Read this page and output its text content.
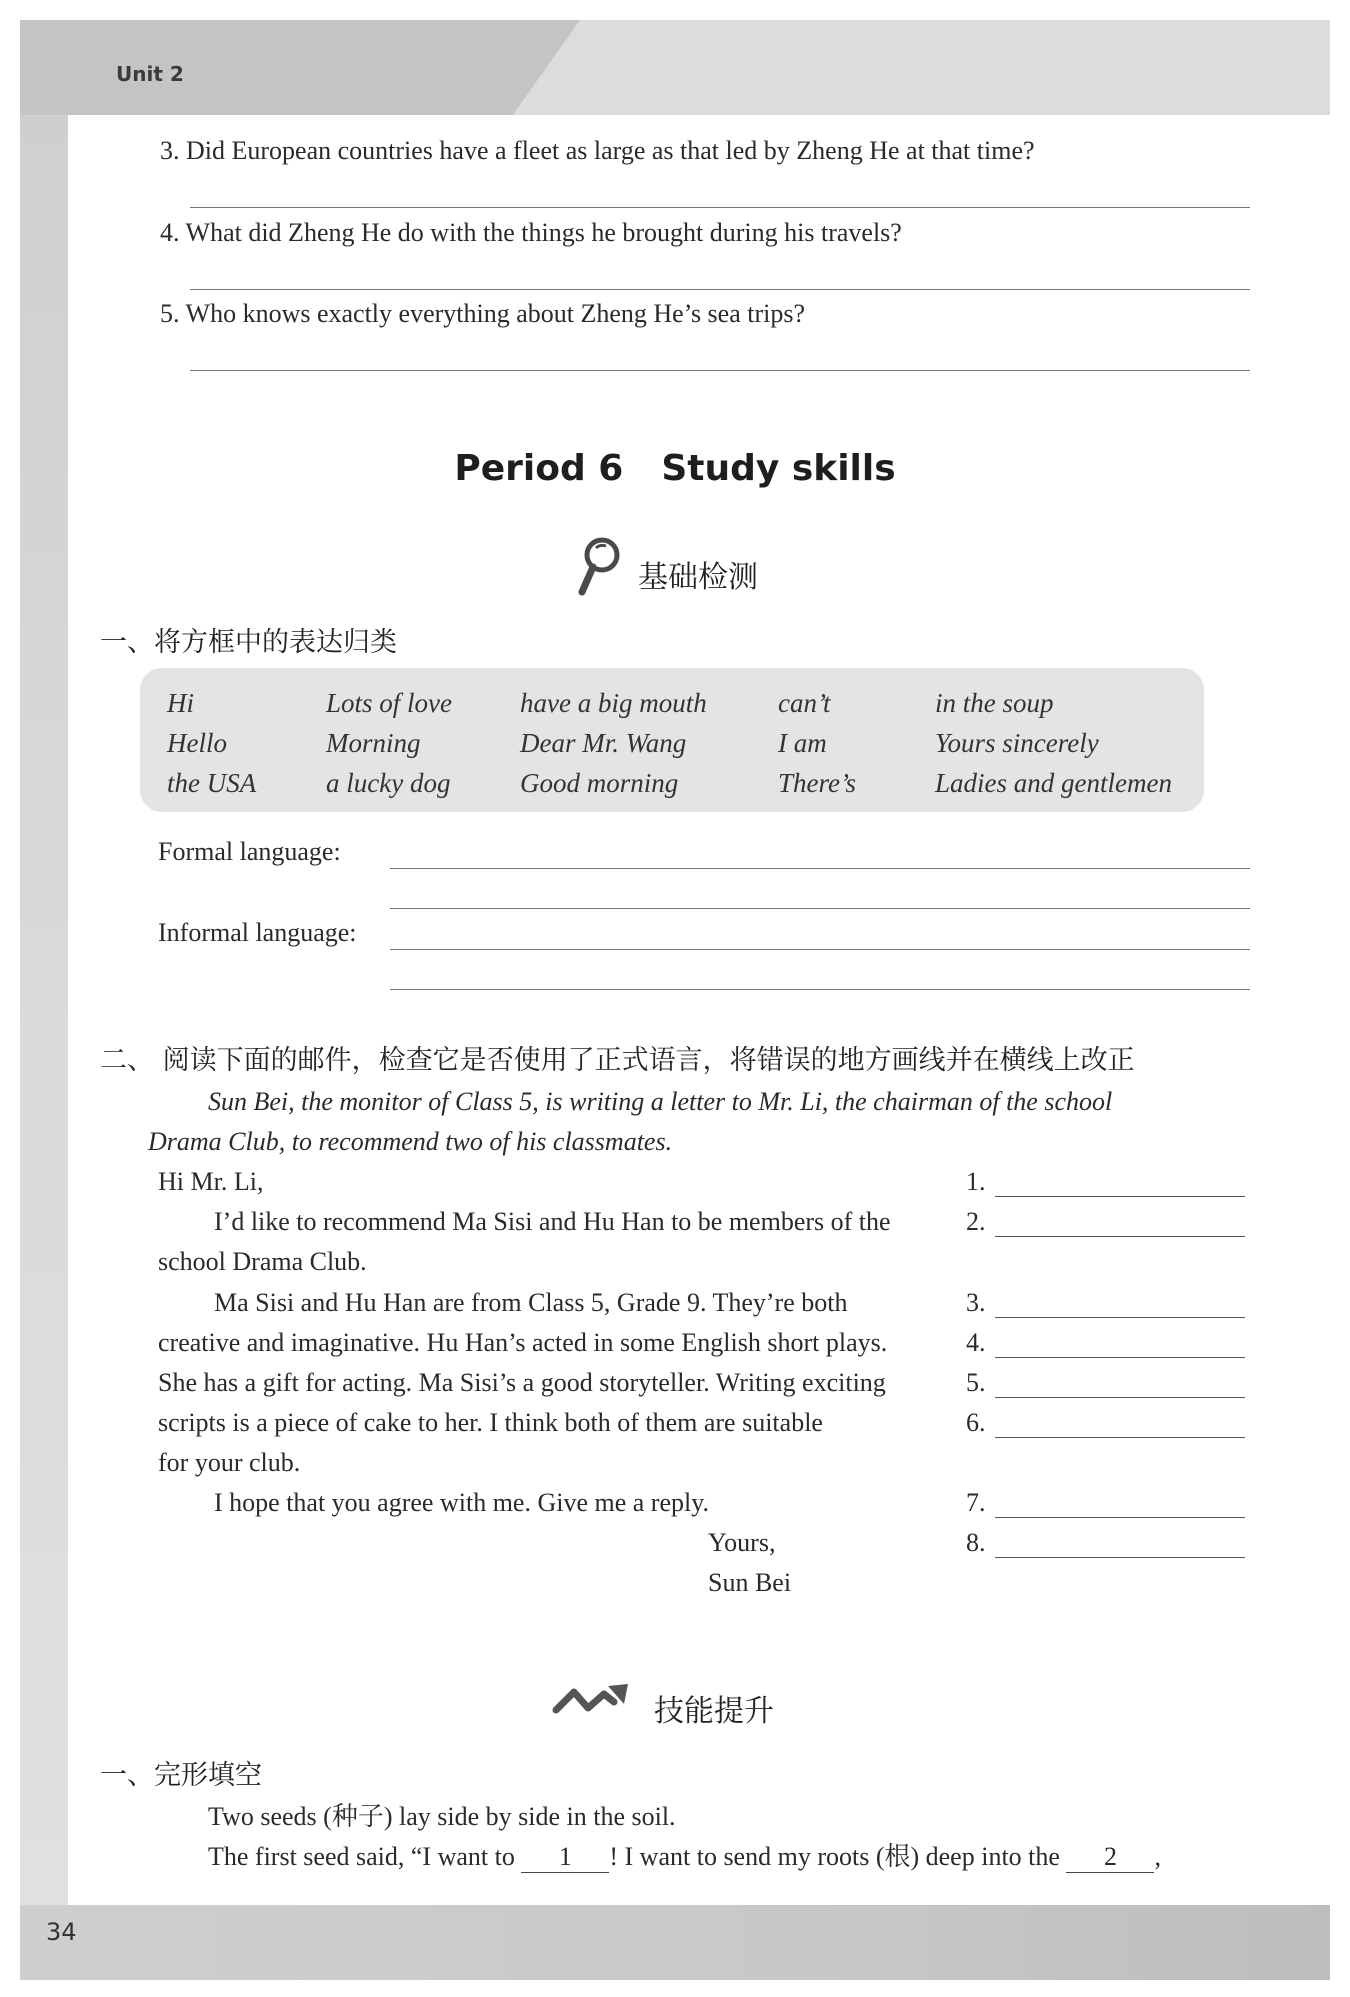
Unit 2
34
3. Did European countries have a fleet as large as that led by Zheng He at that time?
4. What did Zheng He do with the things he brought during his travels?
5. Who knows exactly everything about Zheng He’s sea trips?
Period 6 Study skills
基础检测
一、将方框中的表达归类
Hi
Hello
the USA
Lots of love
Morning
a lucky dog
have a big mouth
Dear Mr. Wang
Good morning
can’t
I am
There’s
in the soup
Yours sincerely
Ladies and gentlemen
Formal language:
Informal language:
二、 阅读下面的邮件，检查它是否使用了正式语言，将错误的地方画线并在横线上改正
Sun Bei, the monitor of Class 5, is writing a letter to Mr. Li, the chairman of the school
Drama Club, to recommend two of his classmates.
Hi Mr. Li,
I’d like to recommend Ma Sisi and Hu Han to be members of the
school Drama Club.
Ma Sisi and Hu Han are from Class 5, Grade 9. They’re both
creative and imaginative. Hu Han’s acted in some English short plays.
She has a gift for acting. Ma Sisi’s a good storyteller. Writing exciting
scripts is a piece of cake to her. I think both of them are suitable
for your club.
I hope that you agree with me. Give me a reply.
Yours,
Sun Bei
1.
2.
3.
4.
5.
6.
7.
8.
技能提升
一、完形填空
Two seeds (种子) lay side by side in the soil.
The first seed said, “I want to 1 ! I want to send my roots (根) deep into the 2 ,
